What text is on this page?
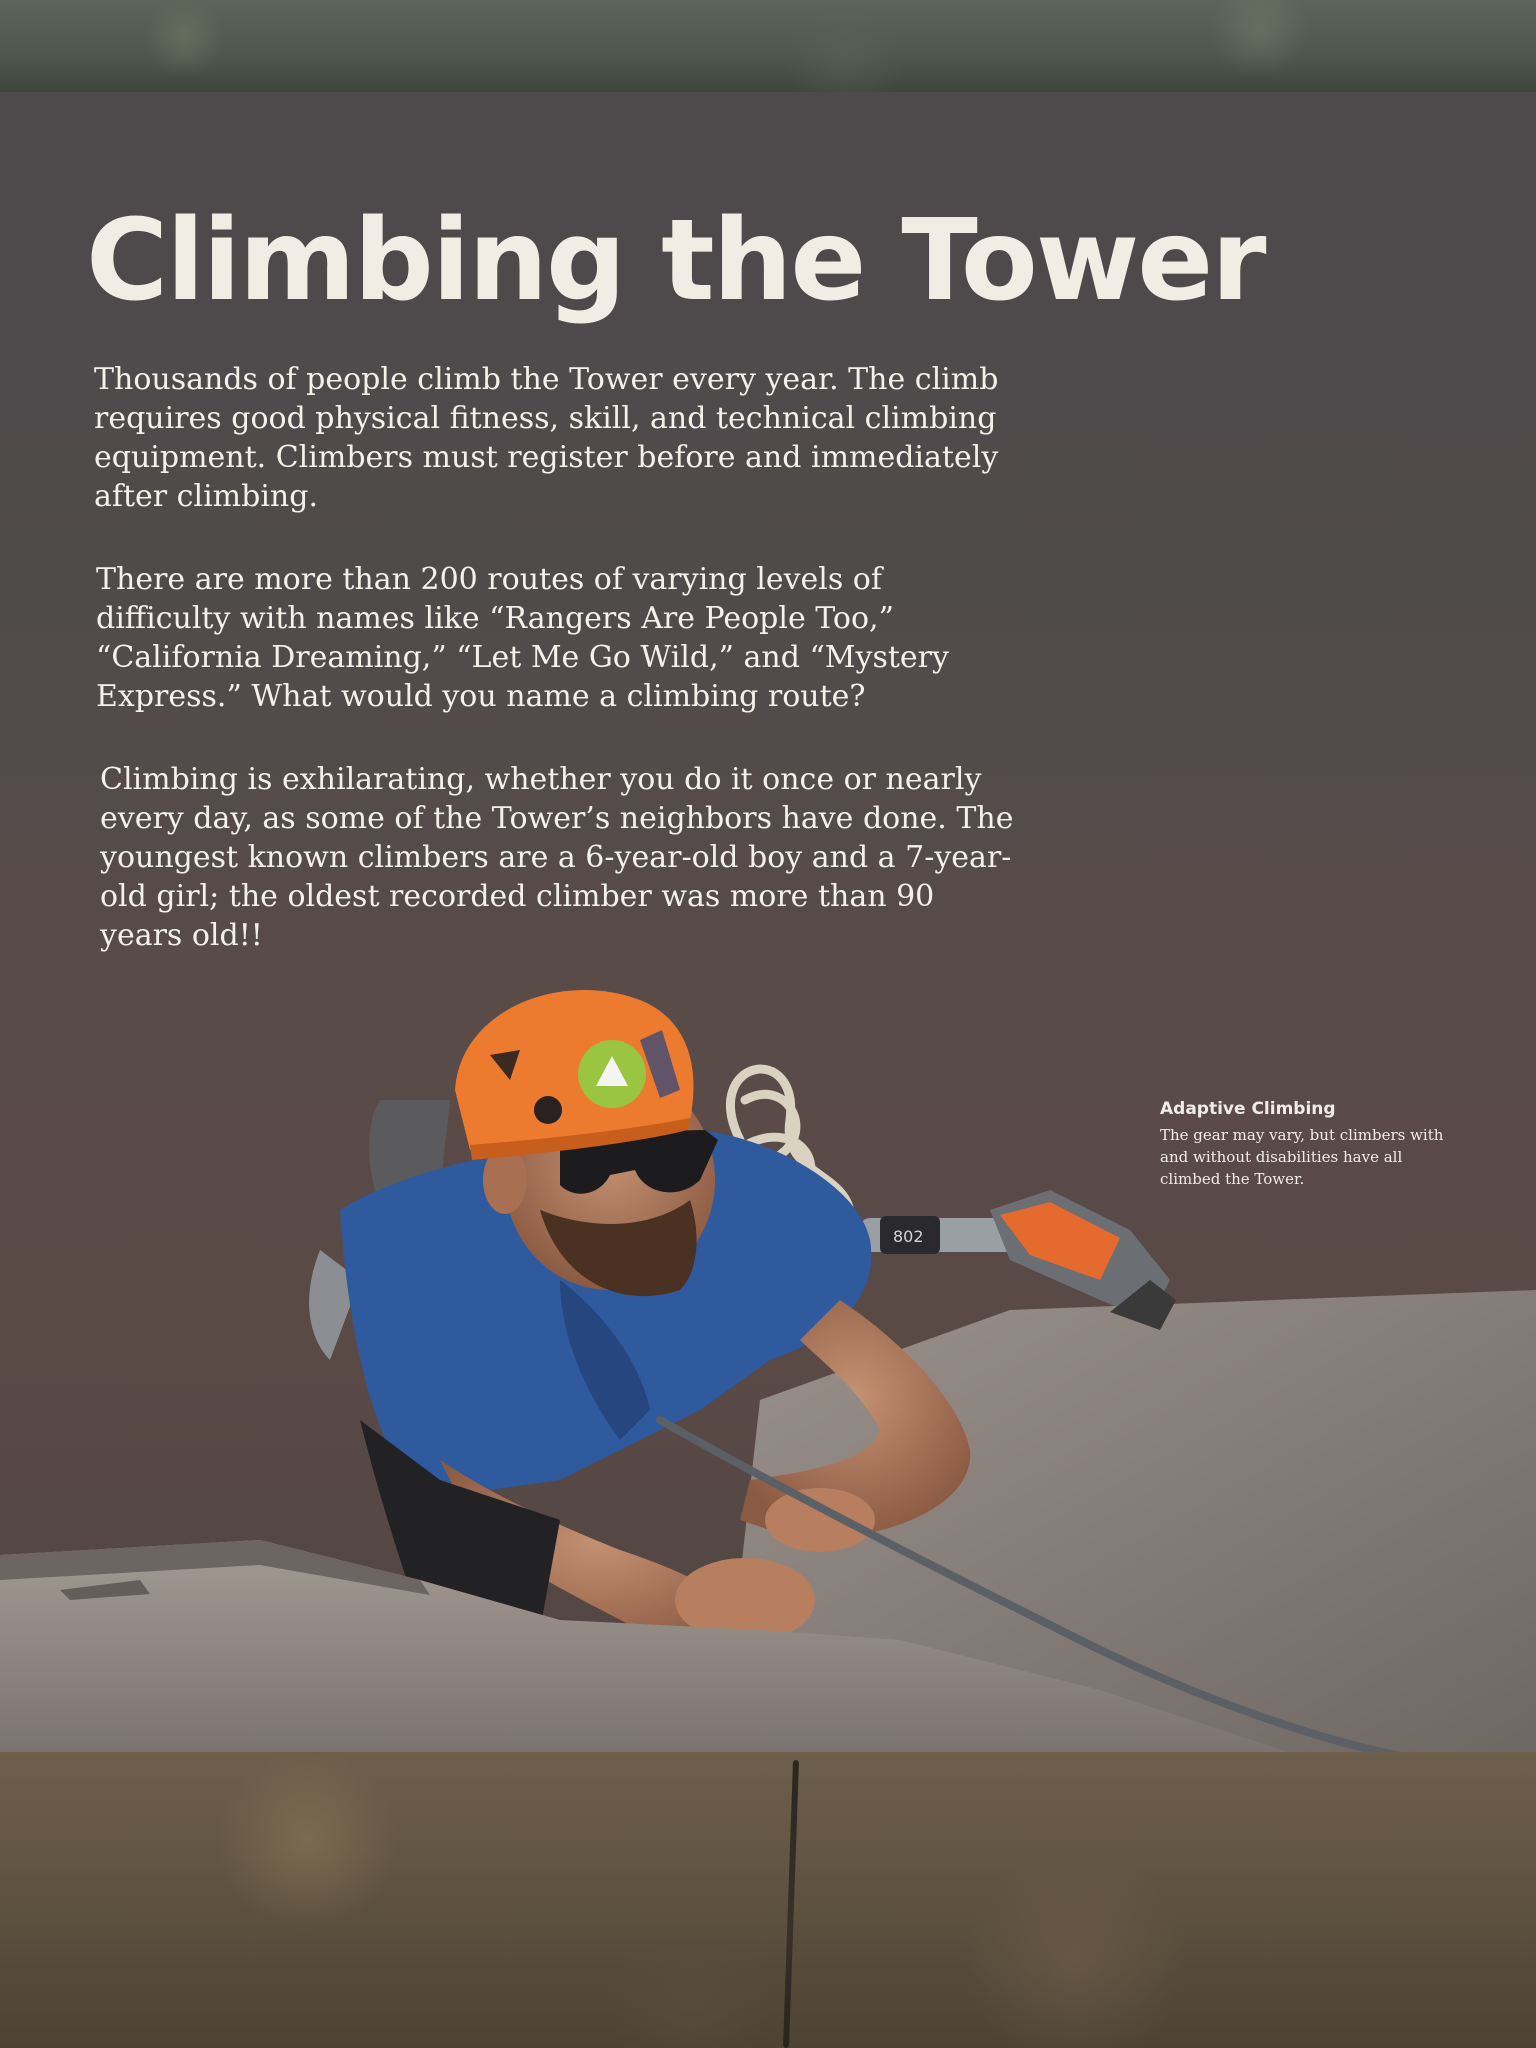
Climbing the Tower

Thousands of people climb the Tower every year. The climb requires good physical fitness, skill, and technical climbing equipment. Climbers must register before and immediately after climbing.

There are more than 200 routes of varying levels of difficulty with names like “Rangers Are People Too,” “California Dreaming,” “Let Me Go Wild,” and “Mystery Express.” What would you name a climbing route?

Climbing is exhilarating, whether you do it once or nearly every day, as some of the Tower’s neighbors have done. The youngest known climbers are a 6-year-old boy and a 7-year-old girl; the oldest recorded climber was more than 90 years old!!

802

Adaptive Climbing

The gear may vary, but climbers with and without disabilities have all climbed the Tower.
